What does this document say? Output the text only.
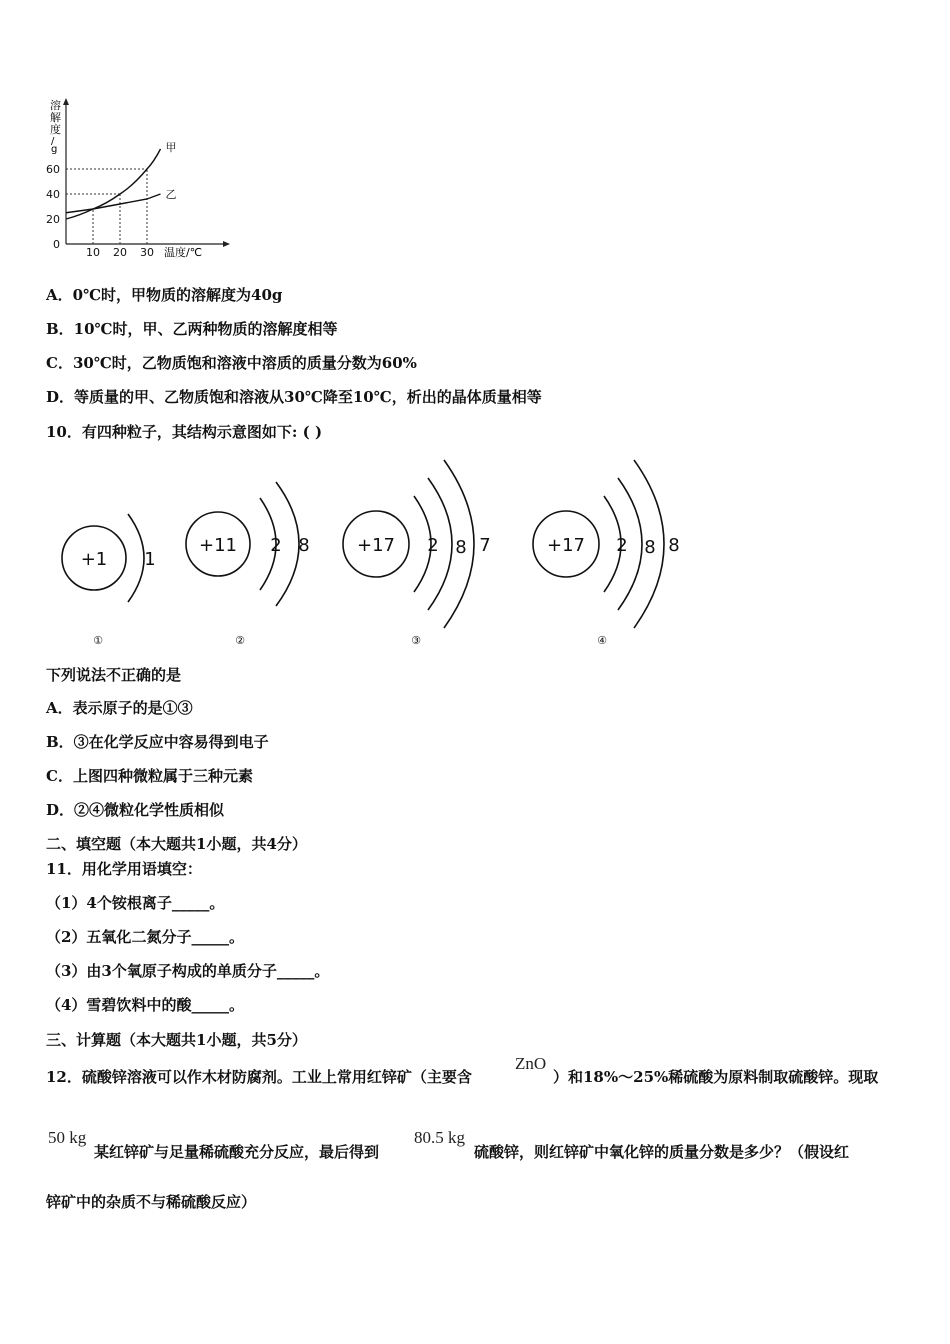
甲
乙
0
20
40
60
10 20 30
溶
解
度
/
g
温度/℃
A．0℃时，甲物质的溶解度为40g
B．10℃时，甲、乙两种物质的溶解度相等
C．30℃时，乙物质饱和溶液中溶质的质量分数为60%
D．等质量的甲、乙物质饱和溶液从30℃降至10℃，析出的晶体质量相等
10．有四种粒子，其结构示意图如下: ( )
+1 1
+11 2 8	+17 2 8 7	+17 2 8 8
①	②	③	④
下列说法不正确的是
A．表示原子的是①③
B．③在化学反应中容易得到电子
C．上图四种微粒属于三种元素
D．②④微粒化学性质相似
二、填空题（本大题共1小题，共4分）
11．用化学用语填空：
（1）4个铵根离子_____。
（2）五氧化二氮分子_____。
（3）由3个氧原子构成的单质分子_____。
（4）雪碧饮料中的酸_____。
三、计算题（本大题共1小题，共5分）
12．硫酸锌溶液可以作木材防腐剂。工业上常用红锌矿（主要含
ZnO
）和18%～25%稀硫酸为原料制取硫酸锌。现取
50 kg
某红锌矿与足量稀硫酸充分反应，最后得到
80.5 kg
硫酸锌，则红锌矿中氧化锌的质量分数是多少？（假设红
锌矿中的杂质不与稀硫酸反应）
